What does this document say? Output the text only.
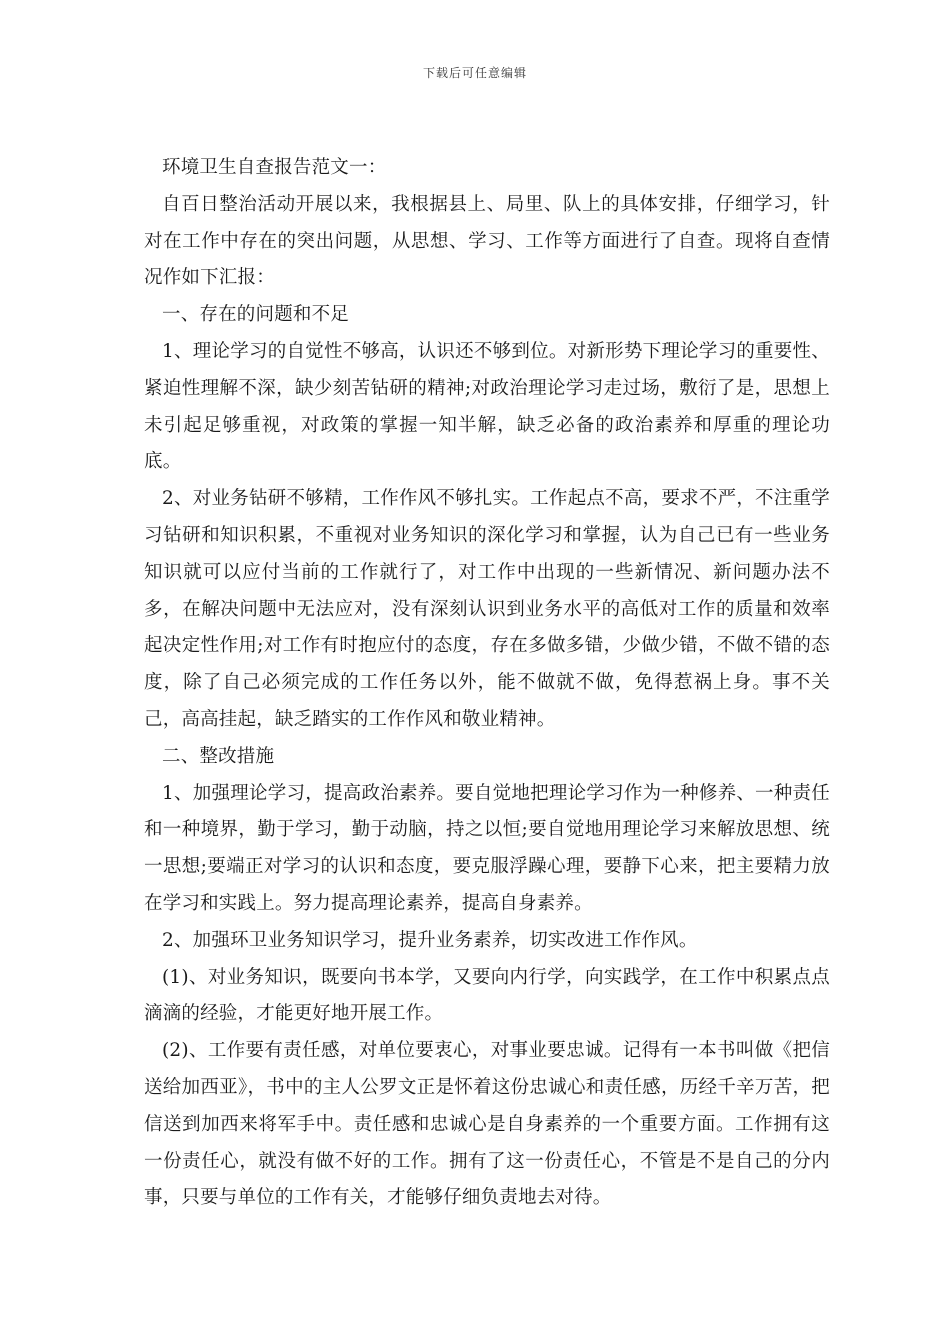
下载后可任意编辑

环境卫生自查报告范文一：

自百日整治活动开展以来，我根据县上、局里、队上的具体安排，仔细学习，针对在工作中存在的突出问题，从思想、学习、工作等方面进行了自查。现将自查情况作如下汇报：

一、存在的问题和不足

1、理论学习的自觉性不够高，认识还不够到位。对新形势下理论学习的重要性、紧迫性理解不深，缺少刻苦钻研的精神;对政治理论学习走过场，敷衍了是，思想上未引起足够重视，对政策的掌握一知半解，缺乏必备的政治素养和厚重的理论功底。

2、对业务钻研不够精，工作作风不够扎实。工作起点不高，要求不严，不注重学习钻研和知识积累，不重视对业务知识的深化学习和掌握，认为自己已有一些业务知识就可以应付当前的工作就行了，对工作中出现的一些新情况、新问题办法不多，在解决问题中无法应对，没有深刻认识到业务水平的高低对工作的质量和效率起决定性作用;对工作有时抱应付的态度，存在多做多错，少做少错，不做不错的态度，除了自己必须完成的工作任务以外，能不做就不做，免得惹祸上身。事不关己，高高挂起，缺乏踏实的工作作风和敬业精神。

二、整改措施

1、加强理论学习，提高政治素养。要自觉地把理论学习作为一种修养、一种责任和一种境界，勤于学习，勤于动脑，持之以恒;要自觉地用理论学习来解放思想、统一思想;要端正对学习的认识和态度，要克服浮躁心理，要静下心来，把主要精力放在学习和实践上。努力提高理论素养，提高自身素养。

2、加强环卫业务知识学习，提升业务素养，切实改进工作作风。

(1)、对业务知识，既要向书本学，又要向内行学，向实践学，在工作中积累点点滴滴的经验，才能更好地开展工作。

(2)、工作要有责任感，对单位要衷心，对事业要忠诚。记得有一本书叫做《把信送给加西亚》，书中的主人公罗文正是怀着这份忠诚心和责任感，历经千辛万苦，把信送到加西来将军手中。责任感和忠诚心是自身素养的一个重要方面。工作拥有这一份责任心，就没有做不好的工作。拥有了这一份责任心，不管是不是自己的分内事，只要与单位的工作有关，才能够仔细负责地去对待。
